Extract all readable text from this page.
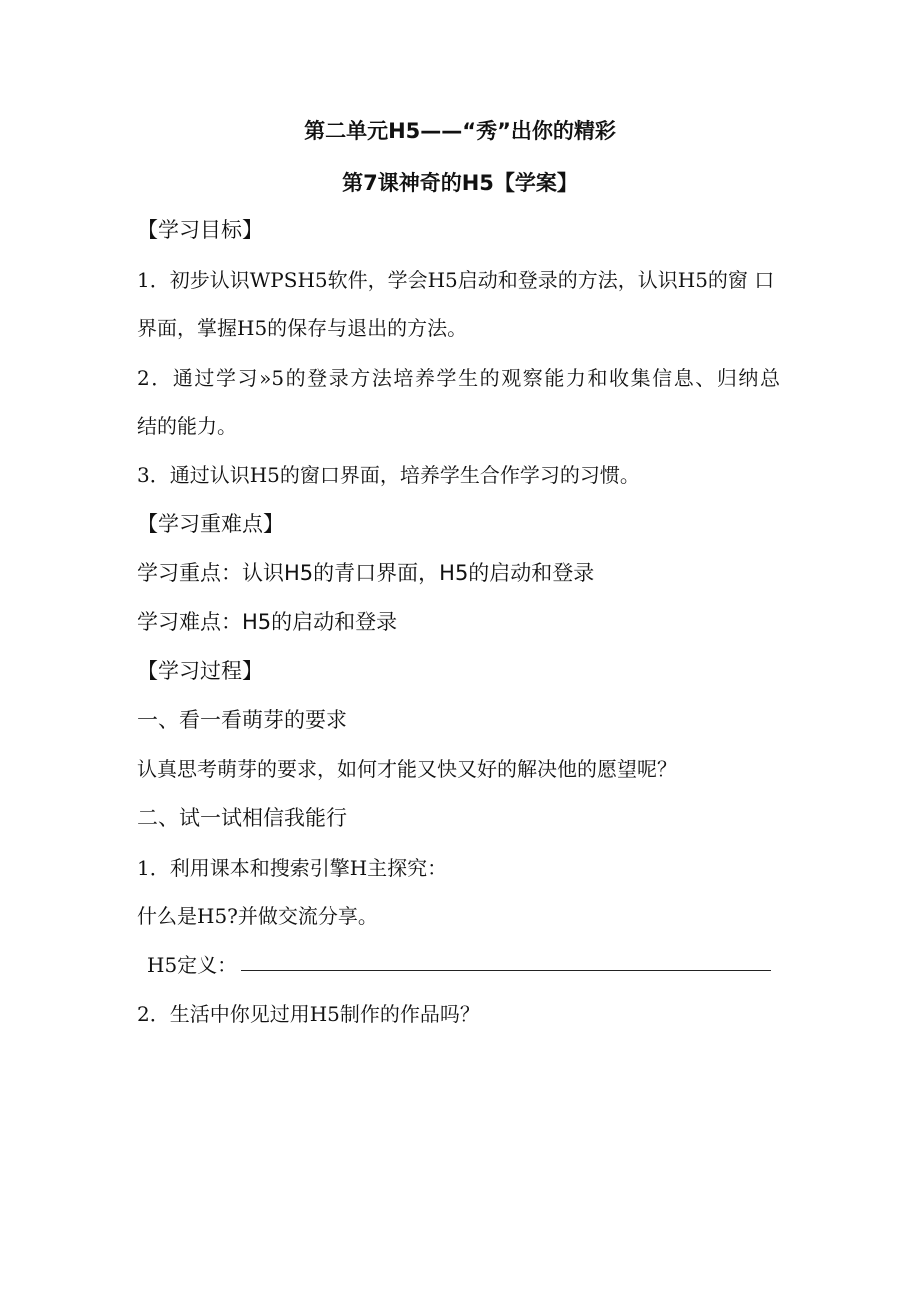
第二单元H5——“秀”出你的精彩
第7课神奇的H5【学案】
【学习目标】
1．初步认识WPSH5软件，学会H5启动和登录的方法，认识H5的窗 口
界面，掌握H5的保存与退出的方法。
2．通过学习»5的登录方法培养学生的观察能力和收集信息、归纳总
结的能力。
3．通过认识H5的窗口界面，培养学生合作学习的习惯。
【学习重难点】
学习重点：认识H5的青口界面，H5的启动和登录
学习难点：H5的启动和登录
【学习过程】
一、看一看萌芽的要求
认真思考萌芽的要求，如何才能又快又好的解决他的愿望呢？
二、试一试相信我能行
1．利用课本和搜索引擎H主探究：
什么是H5?并做交流分享。
H5定义：
2．生活中你见过用H5制作的作品吗？
